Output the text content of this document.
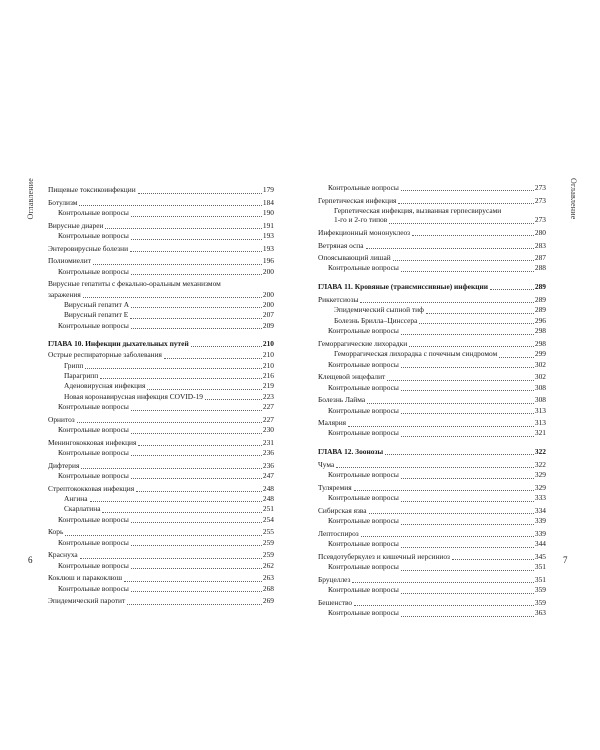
Оглавление Пищевые токсикоинфекции	179
Ботулизм	184
Контрольные вопросы	190
Вирусные диареи	191
Контрольные вопросы	193
Энтеровирусные болезни	193
Полиомиелит	196
Контрольные вопросы	200
Вирусные гепатиты с фекально-оральным механизмом
заражения	200
Вирусный гепатит А	200
Вирусный гепатит Е	207
Контрольные вопросы	209
ГЛАВА 10. Инфекции дыхательных путей	210
Острые респираторные заболевания	210
Грипп	210
Парагрипп	216
Аденовирусная инфекция	219
Новая коронавирусная инфекция COVID-19	223
Контрольные вопросы	227
Орнитоз	227
Контрольные вопросы	230
Менингококковая инфекция	231
Контрольные вопросы	236
Дифтерия	236
Контрольные вопросы	247
Стрептококковая инфекция	248
Ангина	248
Скарлатина	251
Контрольные вопросы	254
Корь	255
Контрольные вопросы	259
Краснуха	259
Контрольные вопросы	262
Коклюш и паракоклюш	263
Контрольные вопросы	268
Эпидемический паротит	269
6
Оглавление
Контрольные вопросы	273
Герпетическая инфекция	273
Герпетическая инфекция, вызванная герпесвирусами
1-го и 2-го типов	273
Инфекционный мононуклеоз	280
Ветряная оспа	283
Опоясывающий лишай	287
Контрольные вопросы	288
ГЛАВА 11. Кровяные (трансмиссивные) инфекции	289
Риккетсиозы	289
Эпидемический сыпной тиф	289
Болезнь Брилла–Цинссера	296
Контрольные вопросы	298
Геморрагические лихорадки	298
Геморрагическая лихорадка с почечным синдромом	299
Контрольные вопросы	302
Клещевой энцефалит	302
Контрольные вопросы	308
Болезнь Лайма	308
Контрольные вопросы	313
Малярия	313
Контрольные вопросы	321
ГЛАВА 12. Зоонозы	322
Чума	322
Контрольные вопросы	329
Туляремия	329
Контрольные вопросы	333
Сибирская язва	334
Контрольные вопросы	339
Лептоспироз	339
Контрольные вопросы	344
Псевдотуберкулез и кишечный иерсиниоз	345
Контрольные вопросы	351
Бруцеллез	351
Контрольные вопросы	359
Бешенство	359
Контрольные вопросы	363
7
